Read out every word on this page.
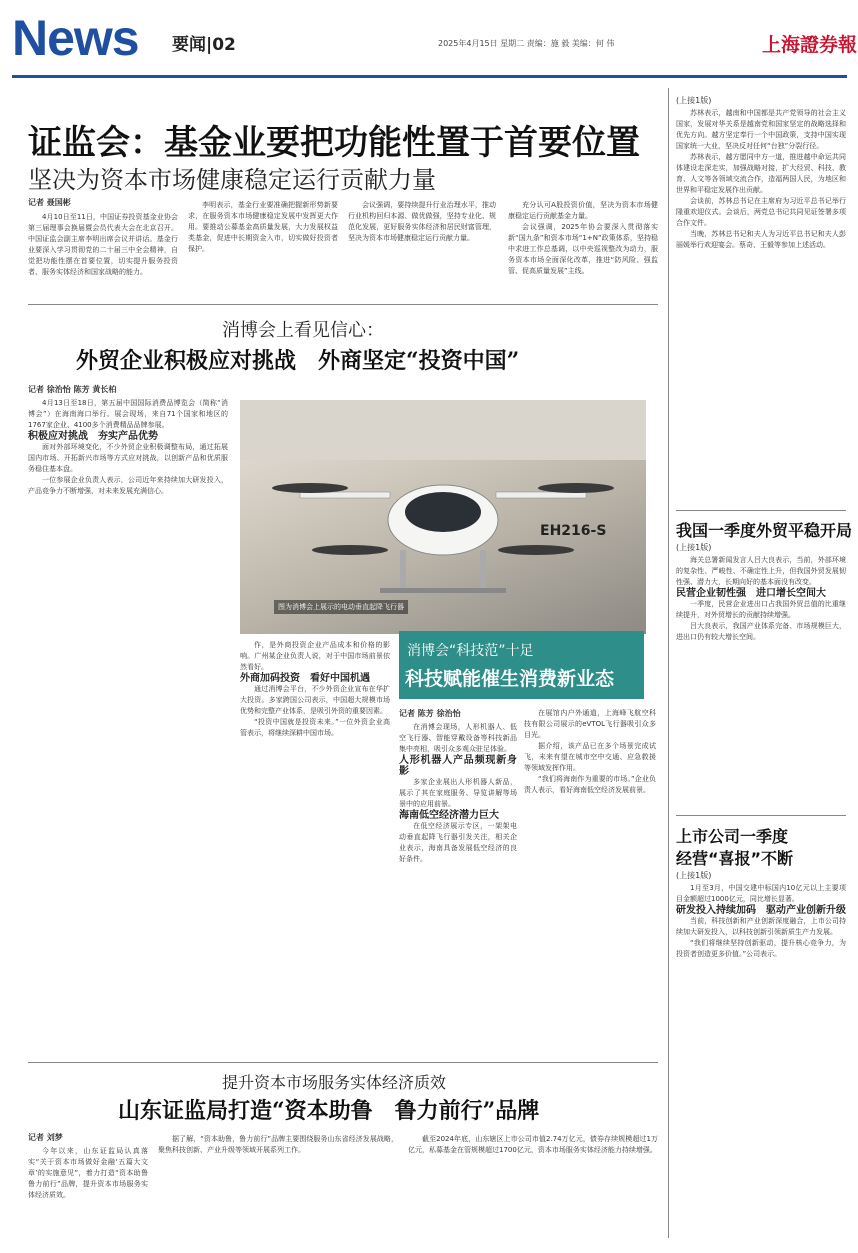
News 要闻|02	2025年4月15日 星期二 责编：施 毅 美编：何 伟	上海證券報
证监会：基金业要把功能性置于首要位置
坚决为资本市场健康稳定运行贡献力量
记者 聂国彬

4月10日至11日，中国证券投资基金业协会第三届理事会换届暨会员代表大会在北京召开。中国证监会副主席李明出席会议并讲话。基金行业要深入学习贯彻党的二十届三中全会精神，自觉把功能性摆在首要位置，切实提升服务投资者、服务实体经济和国家战略的能力。

李明表示，基金行业要准确把握新形势新要求，在服务资本市场健康稳定发展中发挥更大作用。要推动公募基金高质量发展，大力发展权益类基金，促进中长期资金入市，切实做好投资者保护。

会议强调，要持续提升行业治理水平，推动行业机构回归本源、做优做强，坚持专业化、规范化发展，更好服务实体经济和居民财富管理，坚决为资本市场健康稳定运行贡献力量。

充分认可A股投资价值，坚决为资本市场健康稳定运行贡献基金力量。

会议强调，2025年协会要深入贯彻落实新“国九条”和资本市场“1+N”政策体系，坚持稳中求进工作总基调，以中央巡视整改为动力，服务资本市场全面深化改革，推进“防风险、强监管、促高质量发展”主线。

(上接1版)

苏林表示，越南和中国都是共产党领导的社会主义国家，发展对华关系是越南党和国家坚定的战略选择和优先方向。越方坚定奉行一个中国政策，支持中国实现国家统一大业，坚决反对任何“台独”分裂行径。

苏林表示，越方愿同中方一道，推进越中命运共同体建设走深走实，加强战略对接，扩大经贸、科技、教育、人文等各领域交流合作，造福两国人民，为地区和世界和平稳定发展作出贡献。

会谈前，苏林总书记在主席府为习近平总书记举行隆重欢迎仪式。会谈后，两党总书记共同见证签署多项合作文件。

当晚，苏林总书记和夫人为习近平总书记和夫人彭丽媛举行欢迎宴会。蔡奇、王毅等参加上述活动。

消博会上看见信心：
外贸企业积极应对挑战　外商坚定“投资中国”
记者 徐治怡 陈芳 黄长柏

4月13日至18日，第五届中国国际消费品博览会（简称“消博会”）在海南海口举行。展会现场，来自71个国家和地区的1767家企业、4100多个消费精品品牌参展。

积极应对挑战　夯实产品优势

面对外部环境变化，不少外贸企业积极调整布局，通过拓展国内市场、开拓新兴市场等方式应对挑战，以创新产品和优质服务稳住基本盘。

一位参展企业负责人表示，公司近年来持续加大研发投入，产品竞争力不断增强，对未来发展充满信心。

EH216-S
图为消博会上展示的电动垂直起降飞行器

作，是外商投资企业产品成本和价格的影响。广州某企业负责人说，对于中国市场前景依然看好。

外商加码投资　看好中国机遇

通过消博会平台，不少外资企业宣布在华扩大投资。多家跨国公司表示，中国超大规模市场优势和完整产业体系，是吸引外资的重要因素。

“投资中国就是投资未来。”一位外资企业高管表示，将继续深耕中国市场。

消博会“科技范”十足
科技赋能催生消费新业态
记者 陈芳 徐治怡

在消博会现场，人形机器人、低空飞行器、智能穿戴设备等科技新品集中亮相，吸引众多观众驻足体验。

人形机器人产品频现新身影

多家企业展出人形机器人新品，展示了其在家庭服务、导览讲解等场景中的应用前景。

海南低空经济潜力巨大

在低空经济展示专区，一架架电动垂直起降飞行器引发关注，相关企业表示，海南具备发展低空经济的良好条件。

在展馆内户外通道，上海峰飞航空科技有限公司展示的eVTOL飞行器吸引众多目光。

据介绍，该产品已在多个场景完成试飞，未来有望在城市空中交通、应急救援等领域发挥作用。

“我们将海南作为重要的市场。”企业负责人表示，看好海南低空经济发展前景。

我国一季度外贸平稳开局
(上接1版)

海关总署新闻发言人吕大良表示，当前，外部环境的复杂性、严峻性、不确定性上升，但我国外贸发展韧性强、潜力大，长期向好的基本面没有改变。

民营企业韧性强　进口增长空间大

一季度，民营企业进出口占我国外贸总值的比重继续提升，对外贸增长的贡献持续增强。

吕大良表示，我国产业体系完备、市场规模巨大，进出口仍有较大增长空间。

上市公司一季度
经营“喜报”不断
(上接1版)

1月至3月，中国交建中标国内10亿元以上主要项目金额超过1000亿元，同比增长显著。

研发投入持续加码　驱动产业创新升级

当前，科技创新和产业创新深度融合，上市公司持续加大研发投入，以科技创新引领新质生产力发展。

“我们将继续坚持创新驱动，提升核心竞争力，为投资者创造更多价值。”公司表示。

提升资本市场服务实体经济质效
山东证监局打造“资本助鲁　鲁力前行”品牌
记者 刘梦

今年以来，山东证监局认真落实“关于资本市场做好金融‘五篇大文章’的实施意见”，着力打造“资本助鲁　鲁力前行”品牌，提升资本市场服务实体经济质效。

据了解，“资本助鲁，鲁力前行”品牌主要围绕服务山东省经济发展战略，聚焦科技创新、产业升级等领域开展系列工作。

截至2024年底，山东辖区上市公司市值2.74万亿元，债券存续规模超过1万亿元，私募基金在管规模超过1700亿元，资本市场服务实体经济能力持续增强。
